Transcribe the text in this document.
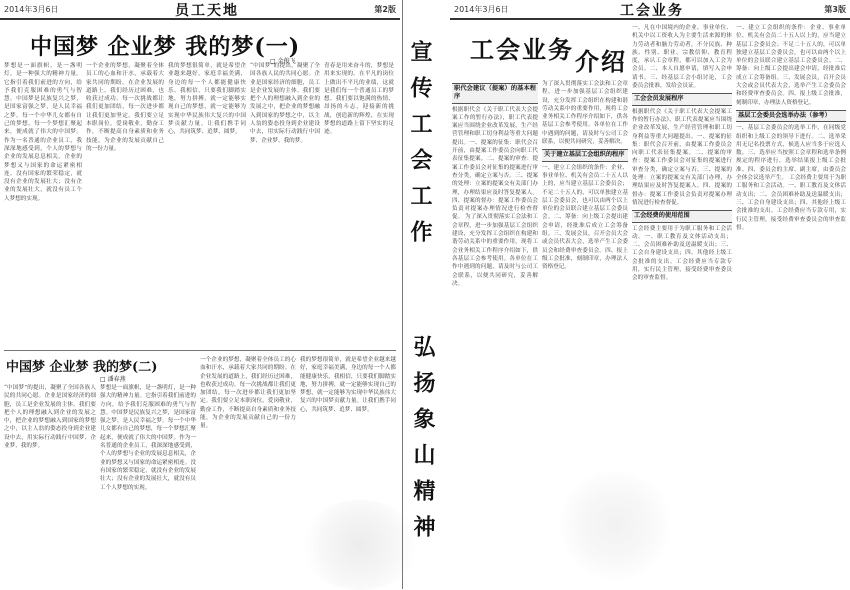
2014年3月6日	员工天地	第2版
中国梦 企业梦 我的梦(一)
□ 金俊飞
梦想是一面旗帜，是一盏明灯，是一种强大的精神力量。它指引着我们前进的方向，给予我们克服困难的勇气与智慧。中国梦是民族复兴之梦，是国家富强之梦，是人民幸福之梦。每一个中华儿女都有自己的梦想，每一个梦想汇聚起来，便成就了伟大的中国梦。作为一名普通的企业员工，我深深地感受到，个人的梦想与企业的发展息息相关，企业的梦想又与国家的命运紧密相连。没有国家的繁荣稳定，就没有企业的发展壮大；没有企业的发展壮大，就没有员工个人梦想的实现。
一个企业的梦想，凝聚着全体员工的心血和汗水，承载着大家共同的期盼。在企业发展的道路上，我们经历过困难，也收获过成功。每一次挑战都让我们更加团结，每一次进步都让我们更加坚定。我们要立足本职岗位，爱岗敬业，勤奋工作，不断提高自身素质和业务技能，为企业的发展贡献自己的一份力量。
我的梦想很简单，就是希望企业越来越好，家庭幸福美满，身边的每一个人都能健康快乐。我相信，只要我们脚踏实地，努力拼搏，就一定能够实现自己的梦想，就一定能够为实现中华民族伟大复兴的中国梦贡献力量。让我们携手同心，共同筑梦、追梦、圆梦。
“中国梦”的提出，凝聚了全国各族人民的共同心愿。企业是国家经济的细胞，员工是企业发展的主体。我们要把个人的理想融入到企业的发展之中，把企业的梦想融入到国家的梦想之中，以主人翁的姿态投身到企业建设中去，用实际行动践行中国梦、企业梦、我的梦。
青春是用来奋斗的，梦想是用来实现的。在平凡的岗位上做出不平凡的业绩，这就是我们每一个普通员工的梦想。我们要以饱满的热情、昂扬的斗志，迎接新的挑战，创造新的辉煌，在实现梦想的道路上留下坚实的足迹。
中国梦 企业梦 我的梦(二)
□ 潘春燕
“中国梦”的提出，凝聚了全国各族人民的共同心愿。企业是国家经济的细胞，员工是企业发展的主体。我们要把个人的理想融入到企业的发展之中，把企业的梦想融入到国家的梦想之中，以主人翁的姿态投身到企业建设中去，用实际行动践行中国梦、企业梦、我的梦。
梦想是一面旗帜，是一盏明灯，是一种强大的精神力量。它指引着我们前进的方向，给予我们克服困难的勇气与智慧。中国梦是民族复兴之梦，是国家富强之梦，是人民幸福之梦。每一个中华儿女都有自己的梦想，每一个梦想汇聚起来，便成就了伟大的中国梦。作为一名普通的企业员工，我深深地感受到，个人的梦想与企业的发展息息相关，企业的梦想又与国家的命运紧密相连。没有国家的繁荣稳定，就没有企业的发展壮大；没有企业的发展壮大，就没有员工个人梦想的实现。
一个企业的梦想，凝聚着全体员工的心血和汗水，承载着大家共同的期盼。在企业发展的道路上，我们经历过困难，也收获过成功。每一次挑战都让我们更加团结，每一次进步都让我们更加坚定。我们要立足本职岗位，爱岗敬业，勤奋工作，不断提高自身素质和业务技能，为企业的发展贡献自己的一份力量。
我的梦想很简单，就是希望企业越来越好，家庭幸福美满，身边的每一个人都能健康快乐。我相信，只要我们脚踏实地，努力拼搏，就一定能够实现自己的梦想，就一定能够为实现中华民族伟大复兴的中国梦贡献力量。让我们携手同心，共同筑梦、追梦、圆梦。
宣传工会工作
弘扬象山精神
2014年3月6日	工会业务	第3版
工会业务 介绍
职代会建议（提案）的基本程序
根据职代会《关于职工代表大会提案工作的暂行办法》，职工代表提案应当围绕企业改革发展、生产经营管理和职工切身利益等重大问题提出。一、提案的征集：职代会召开前，由提案工作委员会向职工代表征集提案。二、提案的审查：提案工作委员会对征集的提案进行审查分类，确定立案与否。三、提案的处理：立案的提案交有关部门办理，办理结果应及时答复提案人。四、提案的督办：提案工作委员会负责对提案办理情况进行检查督促。 为了深入贯彻落实工会法和工会章程，进一步加强基层工会组织建设，充分发挥工会组织在构建和谐劳动关系中的重要作用，现将工会业务相关工作程序介绍如下，供各基层工会参考使用。各单位在工作中遇到的问题，请及时与公司工会联系，以便共同研究，妥善解决。
为了深入贯彻落实工会法和工会章程，进一步加强基层工会组织建设，充分发挥工会组织在构建和谐劳动关系中的重要作用，现将工会业务相关工作程序介绍如下，供各基层工会参考使用。各单位在工作中遇到的问题，请及时与公司工会联系，以便共同研究，妥善解决。
关于建立基层工会组织的程序
一、建立工会组织的条件：企业、事业单位、机关有会员二十五人以上的，应当建立基层工会委员会；不足二十五人的，可以单独建立基层工会委员会，也可以由两个以上单位的会员联合建立基层工会委员会。二、筹备：向上级工会提出建会申请，经批准后成立工会筹备组。三、发展会员，召开会员大会或会员代表大会，选举产生工会委员会和经费审查委员会。四、报上级工会批准，刻制印章，办理法人资格登记。
一、凡在中国境内的企业、事业单位、机关中以工资收入为主要生活来源的体力劳动者和脑力劳动者，不分民族、种族、性别、职业、宗教信仰、教育程度，承认工会章程，都可以加入工会为会员。二、本人自愿申请，填写入会申请书。三、经基层工会小组讨论，工会委员会批准，发给会员证。
工会会员发展程序
根据职代会《关于职工代表大会提案工作的暂行办法》，职工代表提案应当围绕企业改革发展、生产经营管理和职工切身利益等重大问题提出。一、提案的征集：职代会召开前，由提案工作委员会向职工代表征集提案。二、提案的审查：提案工作委员会对征集的提案进行审查分类，确定立案与否。三、提案的处理：立案的提案交有关部门办理，办理结果应及时答复提案人。四、提案的督办：提案工作委员会负责对提案办理情况进行检查督促。
工会经费的使用范围
工会经费主要用于为职工服务和工会活动。一、职工教育及文体活动支出；二、会员困难补助及送温暖支出；三、工会自身建设支出；四、其他经上级工会批准的支出。工会经费应当专款专用，实行民主管理，接受经费审查委员会的审查监督。
一、建立工会组织的条件：企业、事业单位、机关有会员二十五人以上的，应当建立基层工会委员会；不足二十五人的，可以单独建立基层工会委员会，也可以由两个以上单位的会员联合建立基层工会委员会。二、筹备：向上级工会提出建会申请，经批准后成立工会筹备组。三、发展会员，召开会员大会或会员代表大会，选举产生工会委员会和经费审查委员会。四、报上级工会批准，刻制印章，办理法人资格登记。
基层工会委员会选举办法（参考）
一、基层工会委员会的选举工作，在同级党组织和上级工会的领导下进行。二、选举采用无记名投票方式，候选人应当多于应选人数。三、选举应当按照工会章程和选举条例规定的程序进行，选举结果报上级工会批准。四、委员会的主席、副主席，由委员会全体会议选举产生。 工会经费主要用于为职工服务和工会活动。一、职工教育及文体活动支出；二、会员困难补助及送温暖支出；三、工会自身建设支出；四、其他经上级工会批准的支出。工会经费应当专款专用，实行民主管理，接受经费审查委员会的审查监督。
